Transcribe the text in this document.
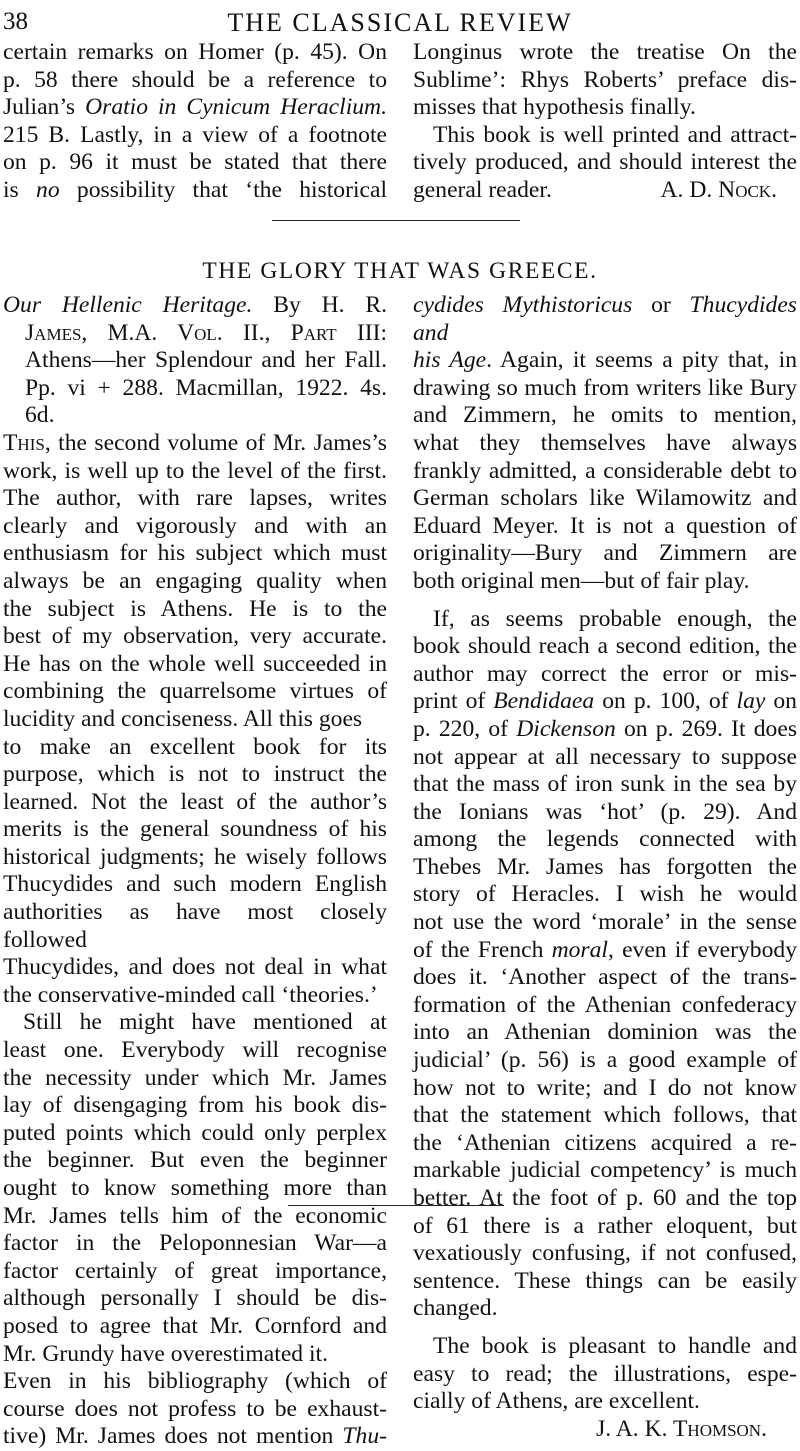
38	THE CLASSICAL REVIEW

certain remarks on Homer (p. 45). On

p. 58 there should be a reference to

Julian’s Oratio in Cynicum Heraclium.

215 B. Lastly, in a view of a footnote

on p. 96 it must be stated that there

is no possibility that ‘the historical

Longinus wrote the treatise On the

Sublime’: Rhys Roberts’ preface dis-

misses that hypothesis finally.

This book is well printed and attract-

tively produced, and should interest the

general reader.	A. D. Nock.

THE GLORY THAT WAS GREECE.

Our Hellenic Heritage. By H. R.

James, M.A. Vol. II., Part III:

Athens—her Splendour and her Fall.

Pp. vi + 288. Macmillan, 1922. 4s. 6d.

This, the second volume of Mr. James’s

work, is well up to the level of the first.

The author, with rare lapses, writes

clearly and vigorously and with an

enthusiasm for his subject which must

always be an engaging quality when

the subject is Athens. He is to the

best of my observation, very accurate.

He has on the whole well succeeded in

combining the quarrelsome virtues of

lucidity and conciseness. All this goes

to make an excellent book for its

purpose, which is not to instruct the

learned. Not the least of the author’s

merits is the general soundness of his

historical judgments; he wisely follows

Thucydides and such modern English

authorities as have most closely followed

Thucydides, and does not deal in what

the conservative-minded call ‘theories.’

Still he might have mentioned at

least one. Everybody will recognise

the necessity under which Mr. James

lay of disengaging from his book dis-

puted points which could only perplex

the beginner. But even the beginner

ought to know something more than

Mr. James tells him of the economic

factor in the Peloponnesian War—a

factor certainly of great importance,

although personally I should be dis-

posed to agree that Mr. Cornford and

Mr. Grundy have overestimated it.

Even in his bibliography (which of

course does not profess to be exhaust-

tive) Mr. James does not mention Thu-

cydides Mythistoricus or Thucydides and

his Age. Again, it seems a pity that, in

drawing so much from writers like Bury

and Zimmern, he omits to mention,

what they themselves have always

frankly admitted, a considerable debt to

German scholars like Wilamowitz and

Eduard Meyer. It is not a question of

originality—Bury and Zimmern are

both original men—but of fair play.

If, as seems probable enough, the

book should reach a second edition, the

author may correct the error or mis-

print of Bendidaea on p. 100, of lay on

p. 220, of Dickenson on p. 269. It does

not appear at all necessary to suppose

that the mass of iron sunk in the sea by

the Ionians was ‘hot’ (p. 29). And

among the legends connected with

Thebes Mr. James has forgotten the

story of Heracles. I wish he would

not use the word ‘morale’ in the sense

of the French moral, even if everybody

does it. ‘Another aspect of the trans-

formation of the Athenian confederacy

into an Athenian dominion was the

judicial’ (p. 56) is a good example of

how not to write; and I do not know

that the statement which follows, that

the ‘Athenian citizens acquired a re-

markable judicial competency’ is much

better. At the foot of p. 60 and the top

of 61 there is a rather eloquent, but

vexatiously confusing, if not confused,

sentence. These things can be easily

changed.

The book is pleasant to handle and

easy to read; the illustrations, espe-

cially of Athens, are excellent.

J. A. K. Thomson.
